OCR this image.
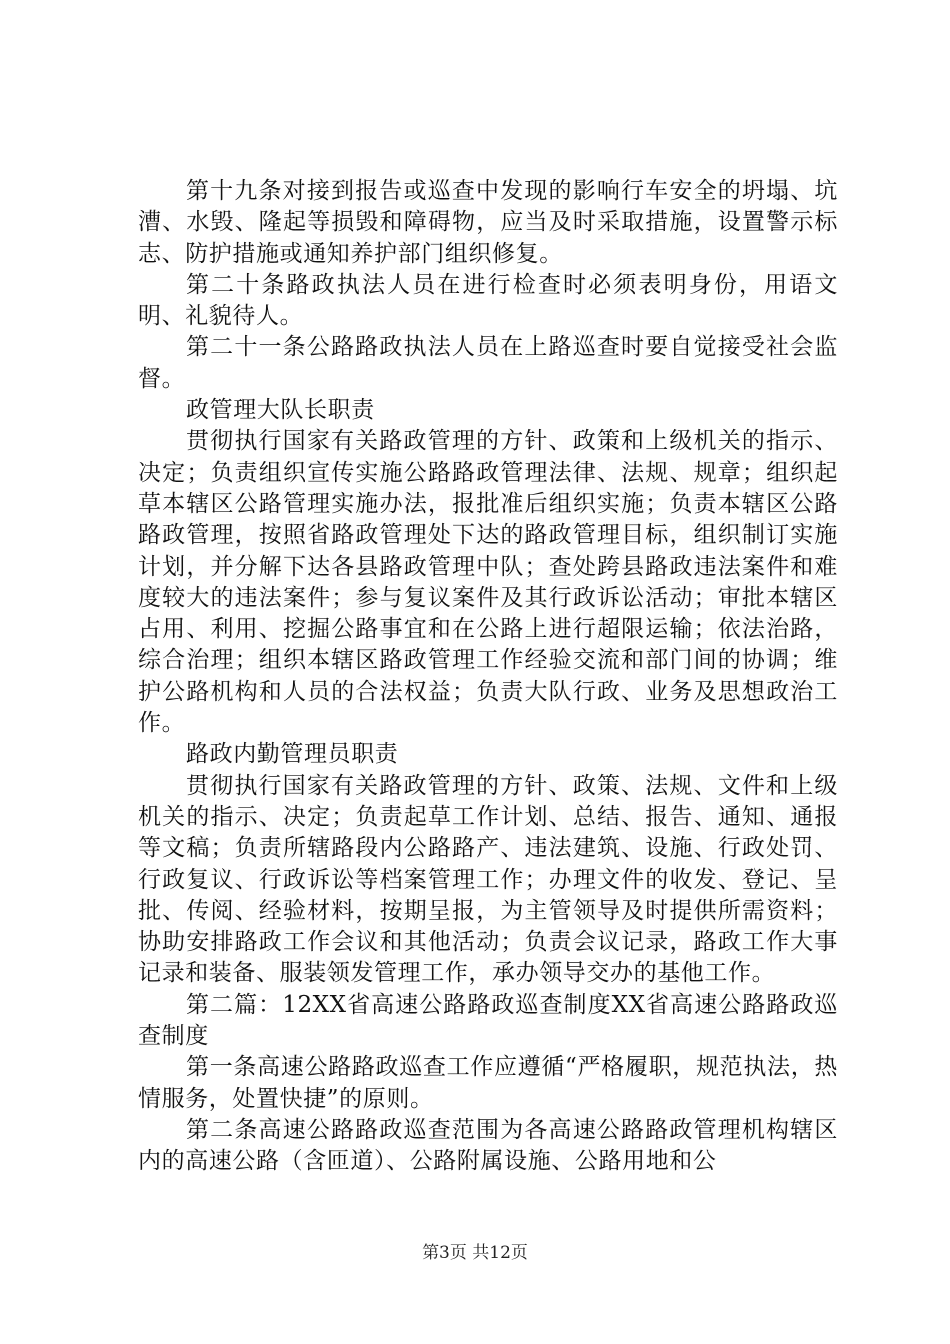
第十九条对接到报告或巡查中发现的影响行车安全的坍塌、坑漕、水毁、隆起等损毁和障碍物，应当及时采取措施，设置警示标志、防护措施或通知养护部门组织修复。

第二十条路政执法人员在进行检查时必须表明身份，用语文明、礼貌待人。

第二十一条公路路政执法人员在上路巡查时要自觉接受社会监督。

政管理大队长职责

贯彻执行国家有关路政管理的方针、政策和上级机关的指示、决定；负责组织宣传实施公路路政管理法律、法规、规章；组织起草本辖区公路管理实施办法，报批准后组织实施；负责本辖区公路路政管理，按照省路政管理处下达的路政管理目标，组织制订实施计划，并分解下达各县路政管理中队；查处跨县路政违法案件和难度较大的违法案件；参与复议案件及其行政诉讼活动；审批本辖区占用、利用、挖掘公路事宜和在公路上进行超限运输；依法治路，综合治理；组织本辖区路政管理工作经验交流和部门间的协调；维护公路机构和人员的合法权益；负责大队行政、业务及思想政治工作。

路政内勤管理员职责

贯彻执行国家有关路政管理的方针、政策、法规、文件和上级机关的指示、决定；负责起草工作计划、总结、报告、通知、通报等文稿；负责所辖路段内公路路产、违法建筑、设施、行政处罚、行政复议、行政诉讼等档案管理工作；办理文件的收发、登记、呈批、传阅、经验材料，按期呈报，为主管领导及时提供所需资料；协助安排路政工作会议和其他活动；负责会议记录，路政工作大事记录和装备、服装领发管理工作，承办领导交办的基他工作。

第二篇：12XX省高速公路路政巡查制度XX省高速公路路政巡查制度

第一条高速公路路政巡查工作应遵循“严格履职，规范执法，热情服务，处置快捷”的原则。

第二条高速公路路政巡查范围为各高速公路路政管理机构辖区内的高速公路（含匝道）、公路附属设施、公路用地和公

第3页 共12页
